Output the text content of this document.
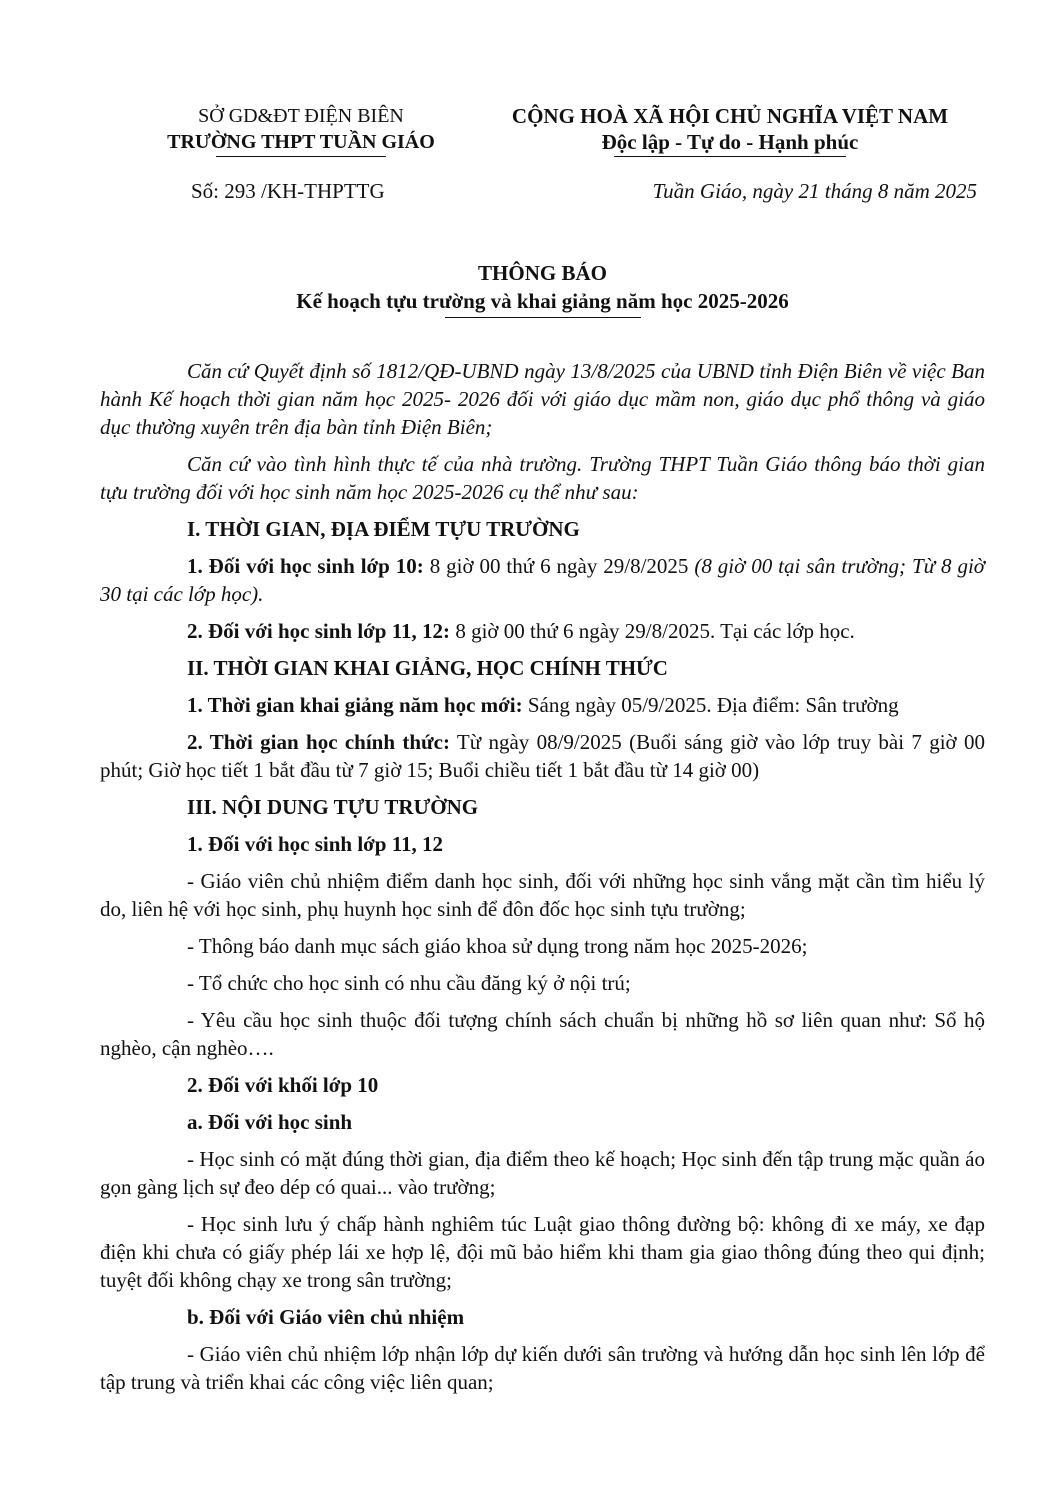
SỞ GD&ĐT ĐIỆN BIÊN
TRƯỜNG THPT TUẦN GIÁO
CỘNG HOÀ XÃ HỘI CHỦ NGHĨA VIỆT NAM
Độc lập - Tự do - Hạnh phúc
Số: 293 /KH-THPTTG	Tuần Giáo, ngày 21 tháng 8 năm 2025
THÔNG BÁO
Kế hoạch tựu trường và khai giảng năm học 2025-2026

Căn cứ Quyết định số 1812/QĐ-UBND ngày 13/8/2025 của UBND tỉnh Điện Biên về việc Ban hành Kế hoạch thời gian năm học 2025- 2026 đối với giáo dục mầm non, giáo dục phổ thông và giáo dục thường xuyên trên địa bàn tỉnh Điện Biên;

Căn cứ vào tình hình thực tế của nhà trường. Trường THPT Tuần Giáo thông báo thời gian tựu trường đối với học sinh năm học 2025-2026 cụ thể như sau:

I. THỜI GIAN, ĐỊA ĐIỂM TỰU TRƯỜNG

1. Đối với học sinh lớp 10: 8 giờ 00 thứ 6 ngày 29/8/2025 (8 giờ 00 tại sân trường; Từ 8 giờ 30 tại các lớp học).

2. Đối với học sinh lớp 11, 12: 8 giờ 00 thứ 6 ngày 29/8/2025. Tại các lớp học.

II. THỜI GIAN KHAI GIẢNG, HỌC CHÍNH THỨC

1. Thời gian khai giảng năm học mới: Sáng ngày 05/9/2025. Địa điểm: Sân trường

2. Thời gian học chính thức: Từ ngày 08/9/2025 (Buổi sáng giờ vào lớp truy bài 7 giờ 00 phút; Giờ học tiết 1 bắt đầu từ 7 giờ 15; Buổi chiều tiết 1 bắt đầu từ 14 giờ 00)

III. NỘI DUNG TỰU TRƯỜNG
1. Đối với học sinh lớp 11, 12

- Giáo viên chủ nhiệm điểm danh học sinh, đối với những học sinh vắng mặt cần tìm hiểu lý do, liên hệ với học sinh, phụ huynh học sinh để đôn đốc học sinh tựu trường;

- Thông báo danh mục sách giáo khoa sử dụng trong năm học 2025-2026;

- Tổ chức cho học sinh có nhu cầu đăng ký ở nội trú;

- Yêu cầu học sinh thuộc đối tượng chính sách chuẩn bị những hồ sơ liên quan như: Sổ hộ nghèo, cận nghèo….

2. Đối với khối lớp 10
a. Đối với học sinh

- Học sinh có mặt đúng thời gian, địa điểm theo kế hoạch; Học sinh đến tập trung mặc quần áo gọn gàng lịch sự đeo dép có quai... vào trường;

- Học sinh lưu ý chấp hành nghiêm túc Luật giao thông đường bộ: không đi xe máy, xe đạp điện khi chưa có giấy phép lái xe hợp lệ, đội mũ bảo hiểm khi tham gia giao thông đúng theo qui định; tuyệt đối không chạy xe trong sân trường;

b. Đối với Giáo viên chủ nhiệm

- Giáo viên chủ nhiệm lớp nhận lớp dự kiến dưới sân trường và hướng dẫn học sinh lên lớp để tập trung và triển khai các công việc liên quan;
